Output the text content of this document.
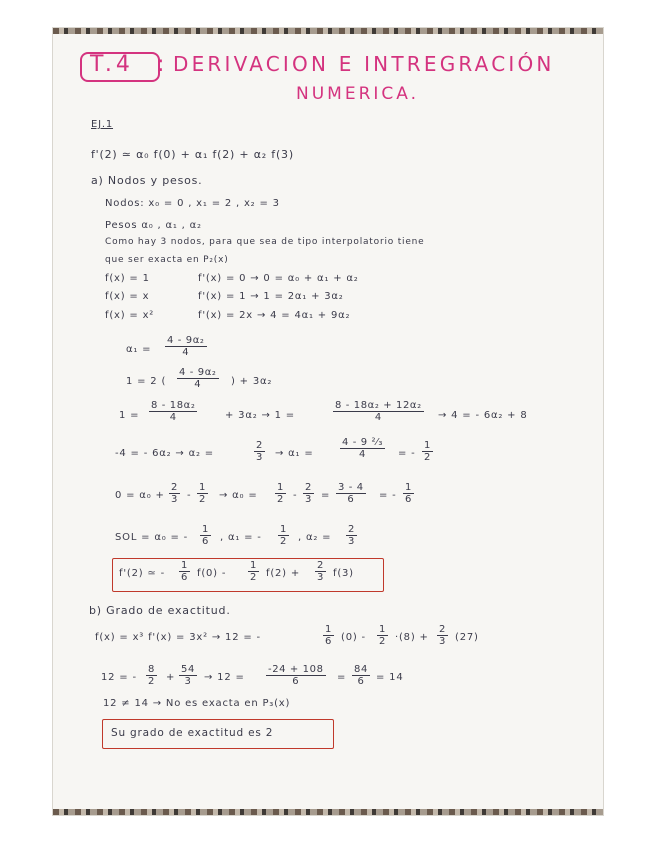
T.4 : DERIVACION E INTREGRACIÓN
NUMERICA.
EJ.1
f'(2) ≃ α₀ f(0) + α₁ f(2) + α₂ f(3)
a) Nodos y pesos.
Nodos: x₀ = 0 , x₁ = 2 , x₂ = 3
Pesos α₀ , α₁ , α₂
Como hay 3 nodos, para que sea de tipo interpolatorio tiene
que ser exacta en P₂(x)
f(x) = 1	f'(x) = 0 → 0 = α₀ + α₁ + α₂
f(x) = x	f'(x) = 1 → 1 = 2α₁ + 3α₂
f(x) = x²	f'(x) = 2x → 4 = 4α₁ + 9α₂
$\alpha_1 = \frac{\text{4 - 9α₂}}{4}$
1 = 2 ( $\frac{\text{4 - 9α₂}}{4}$ ) + 3α₂
$1 = \frac{\text{8 - 18α₂}}{4}$	+ 3α₂ → 1 =	$\frac{\text{8 - 18α₂ + 12α₂}}{4} \to 4$ = - 6α₂ + 8
-4 = - 6α₂ → α₂ =	$\frac{2}{3} \to \alpha_1$ =	$\frac{\text{4 - 9 ²⁄₃}}{4}$ = - $\frac{1}{2}$
$0 = \alpha_0 + \frac{2}{3} - \frac{1}{2} \to \alpha_0 = \frac{1}{2} - \frac{2}{3} = \frac{3 - 4}{6}$ = - $\frac{1}{6}$
SOL = α₀ = - $\frac{1}{6}$ , α₁ = - $\frac{1}{2}$ , $\alpha_2 = \frac{2}{3}$
f'(2) ≃ - $\frac{1}{6} f(0) - \frac{1}{2} f(2) + \frac{2}{3} f(3)$
b) Grado de exactitud.
f(x) = x³ f'(x) = 3x² → 12 = -	$\frac{1}{6} (0) - \frac{1}{2} \cdot(8) + \frac{2}{3} (27)$
12 = - $\frac{8}{2} + \frac{54}{3} \to 12 = \frac{-24 + 108}{6} = \frac{84}{6} = 14$
12 ≠ 14 → No es exacta en P₃(x)
Su grado de exactitud es 2
